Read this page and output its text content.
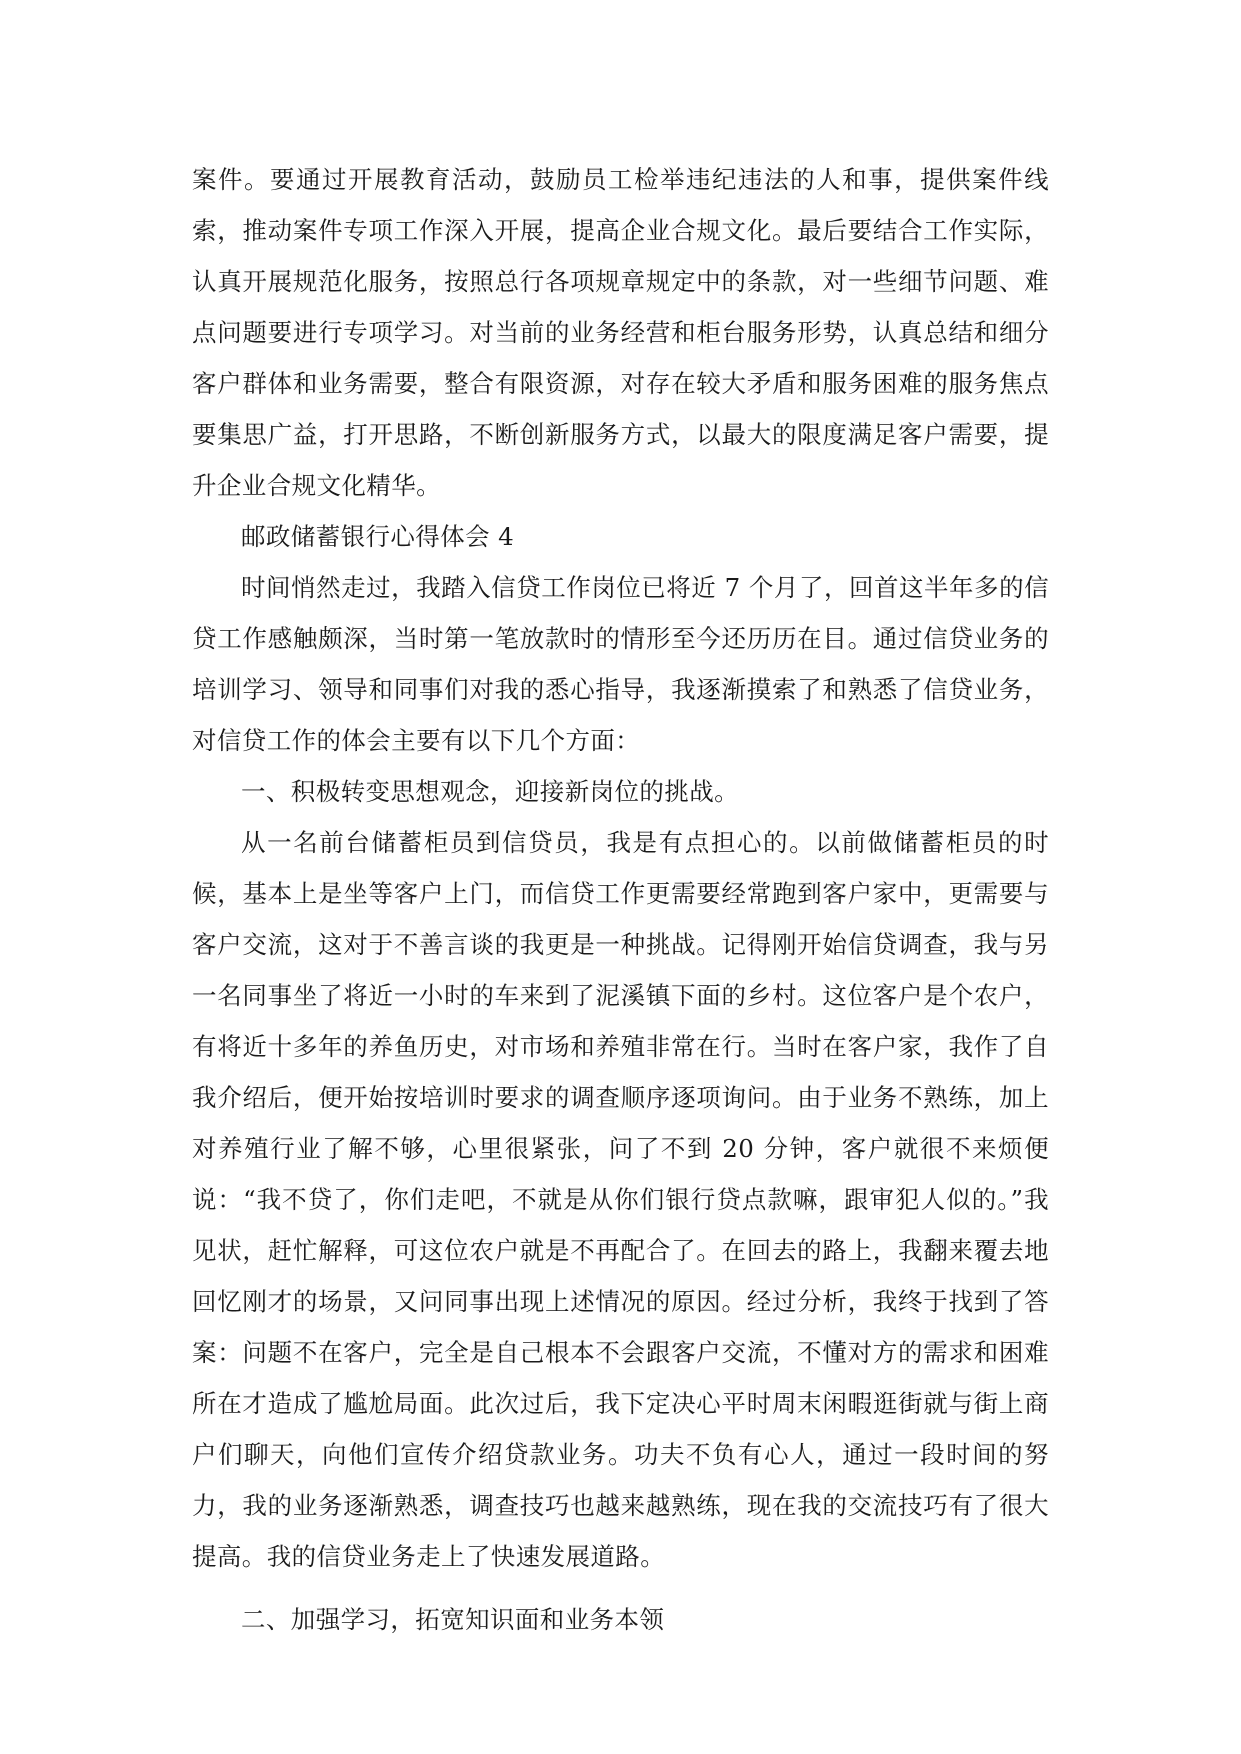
案件。要通过开展教育活动，鼓励员工检举违纪违法的人和事，提供案件线索，推动案件专项工作深入开展，提高企业合规文化。最后要结合工作实际，认真开展规范化服务，按照总行各项规章规定中的条款，对一些细节问题、难点问题要进行专项学习。对当前的业务经营和柜台服务形势，认真总结和细分客户群体和业务需要，整合有限资源，对存在较大矛盾和服务困难的服务焦点要集思广益，打开思路，不断创新服务方式，以最大的限度满足客户需要，提升企业合规文化精华。

邮政储蓄银行心得体会 4

时间悄然走过，我踏入信贷工作岗位已将近 7 个月了，回首这半年多的信贷工作感触颇深，当时第一笔放款时的情形至今还历历在目。通过信贷业务的培训学习、领导和同事们对我的悉心指导，我逐渐摸索了和熟悉了信贷业务，对信贷工作的体会主要有以下几个方面：

一、积极转变思想观念，迎接新岗位的挑战。

从一名前台储蓄柜员到信贷员，我是有点担心的。以前做储蓄柜员的时候，基本上是坐等客户上门，而信贷工作更需要经常跑到客户家中，更需要与客户交流，这对于不善言谈的我更是一种挑战。记得刚开始信贷调查，我与另一名同事坐了将近一小时的车来到了泥溪镇下面的乡村。这位客户是个农户，有将近十多年的养鱼历史，对市场和养殖非常在行。当时在客户家，我作了自我介绍后，便开始按培训时要求的调查顺序逐项询问。由于业务不熟练，加上对养殖行业了解不够，心里很紧张，问了不到 20 分钟，客户就很不来烦便说：“我不贷了，你们走吧，不就是从你们银行贷点款嘛，跟审犯人似的。”我见状，赶忙解释，可这位农户就是不再配合了。在回去的路上，我翻来覆去地回忆刚才的场景，又问同事出现上述情况的原因。经过分析，我终于找到了答案：问题不在客户，完全是自己根本不会跟客户交流，不懂对方的需求和困难所在才造成了尴尬局面。此次过后，我下定决心平时周末闲暇逛街就与街上商户们聊天，向他们宣传介绍贷款业务。功夫不负有心人，通过一段时间的努力，我的业务逐渐熟悉，调查技巧也越来越熟练，现在我的交流技巧有了很大提高。我的信贷业务走上了快速发展道路。

二、加强学习，拓宽知识面和业务本领
